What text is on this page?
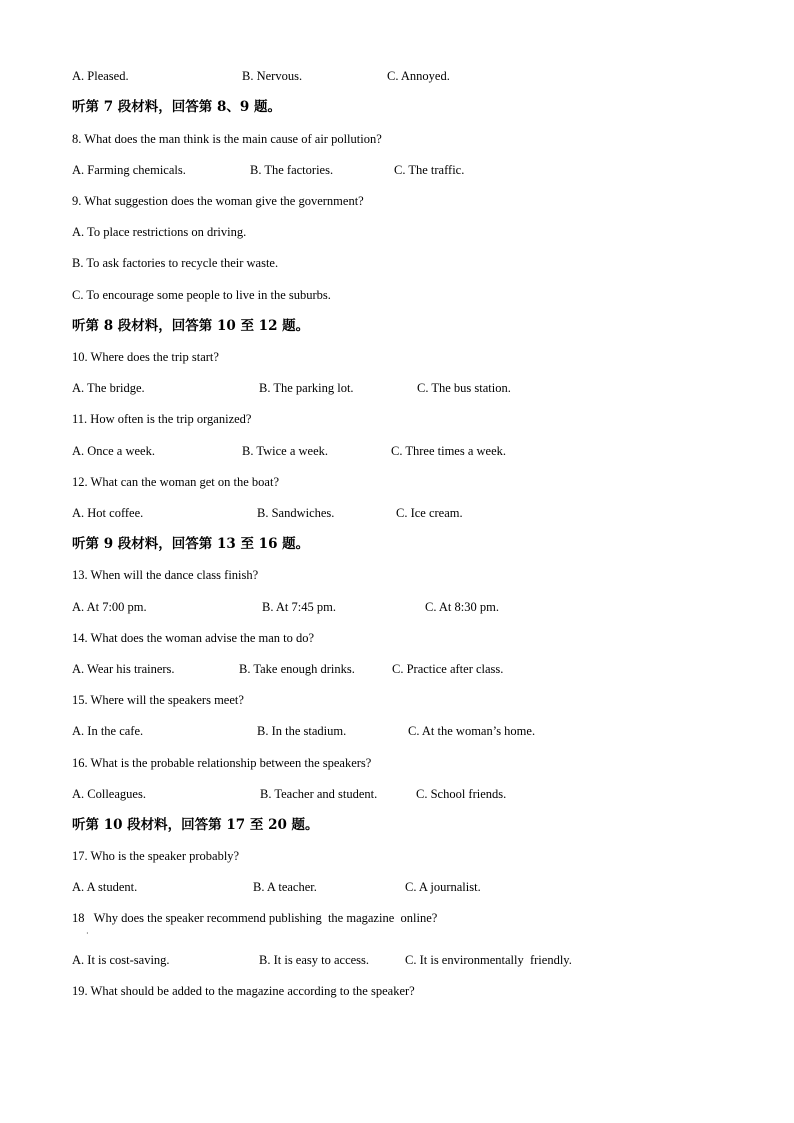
A. Pleased.	B. Nervous.	C. Annoyed.
听第 7 段材料，回答第 8、9 题。
8. What does the man think is the main cause of air pollution?
A. Farming chemicals.	B. The factories.	C. The traffic.
9. What suggestion does the woman give the government?
A. To place restrictions on driving.
B. To ask factories to recycle their waste.
C. To encourage some people to live in the suburbs.
听第 8 段材料，回答第 10 至 12 题。
10. Where does the trip start?
A. The bridge.	B. The parking lot.	C. The bus station.
11. How often is the trip organized?
A. Once a week.	B. Twice a week.	C. Three times a week.
12. What can the woman get on the boat?
A. Hot coffee.	B. Sandwiches.	C. Ice cream.
听第 9 段材料，回答第 13 至 16 题。
13. When will the dance class finish?
A. At 7:00 pm.	B. At 7:45 pm.	C. At 8:30 pm.
14. What does the woman advise the man to do?
A. Wear his trainers.	B. Take enough drinks.	C. Practice after class.
15. Where will the speakers meet?
A. In the cafe.	B. In the stadium.	C. At the woman’s home.
16. What is the probable relationship between the speakers?
A. Colleagues.	B. Teacher and student.	C. School friends.
听第 10 段材料，回答第 17 至 20 题。
17. Who is the speaker probably?
A. A student.	B. A teacher.	C. A journalist.
18   Why does the speaker recommend publishing  the magazine  online?
·
A. It is cost-saving.	B. It is easy to access.	C. It is environmentally  friendly.
19. What should be added to the magazine according to the speaker?
